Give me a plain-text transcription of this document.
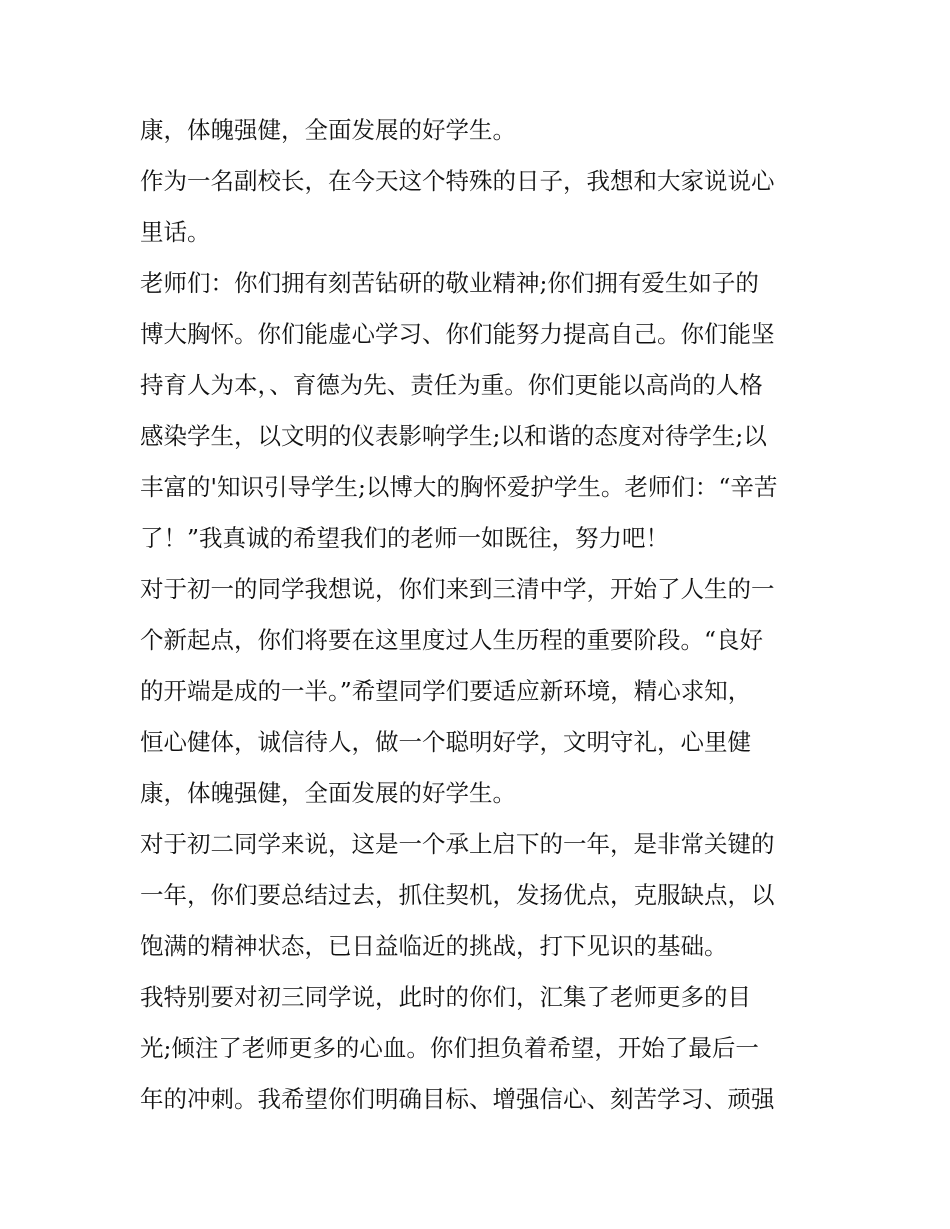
康，体魄强健，全面发展的好学生。
作为一名副校长，在今天这个特殊的日子，我想和大家说说心
里话。
老师们：你们拥有刻苦钻研的敬业精神;你们拥有爱生如子的
博大胸怀。你们能虚心学习、你们能努力提高自己。你们能坚
持育人为本，、育德为先、责任为重。你们更能以高尚的人格
感染学生，以文明的仪表影响学生;以和谐的态度对待学生;以
丰富的'知识引导学生;以博大的胸怀爱护学生。老师们：“辛苦
了！”我真诚的希望我们的老师一如既往，努力吧！
对于初一的同学我想说，你们来到三清中学，开始了人生的一
个新起点，你们将要在这里度过人生历程的重要阶段。“良好
的开端是成的一半。”希望同学们要适应新环境，精心求知，
恒心健体，诚信待人，做一个聪明好学，文明守礼，心里健
康，体魄强健，全面发展的好学生。
对于初二同学来说，这是一个承上启下的一年，是非常关键的
一年，你们要总结过去，抓住契机，发扬优点，克服缺点，以
饱满的精神状态，已日益临近的挑战，打下见识的基础。
我特别要对初三同学说，此时的你们，汇集了老师更多的目
光;倾注了老师更多的心血。你们担负着希望，开始了最后一
年的冲刺。我希望你们明确目标、增强信心、刻苦学习、顽强
